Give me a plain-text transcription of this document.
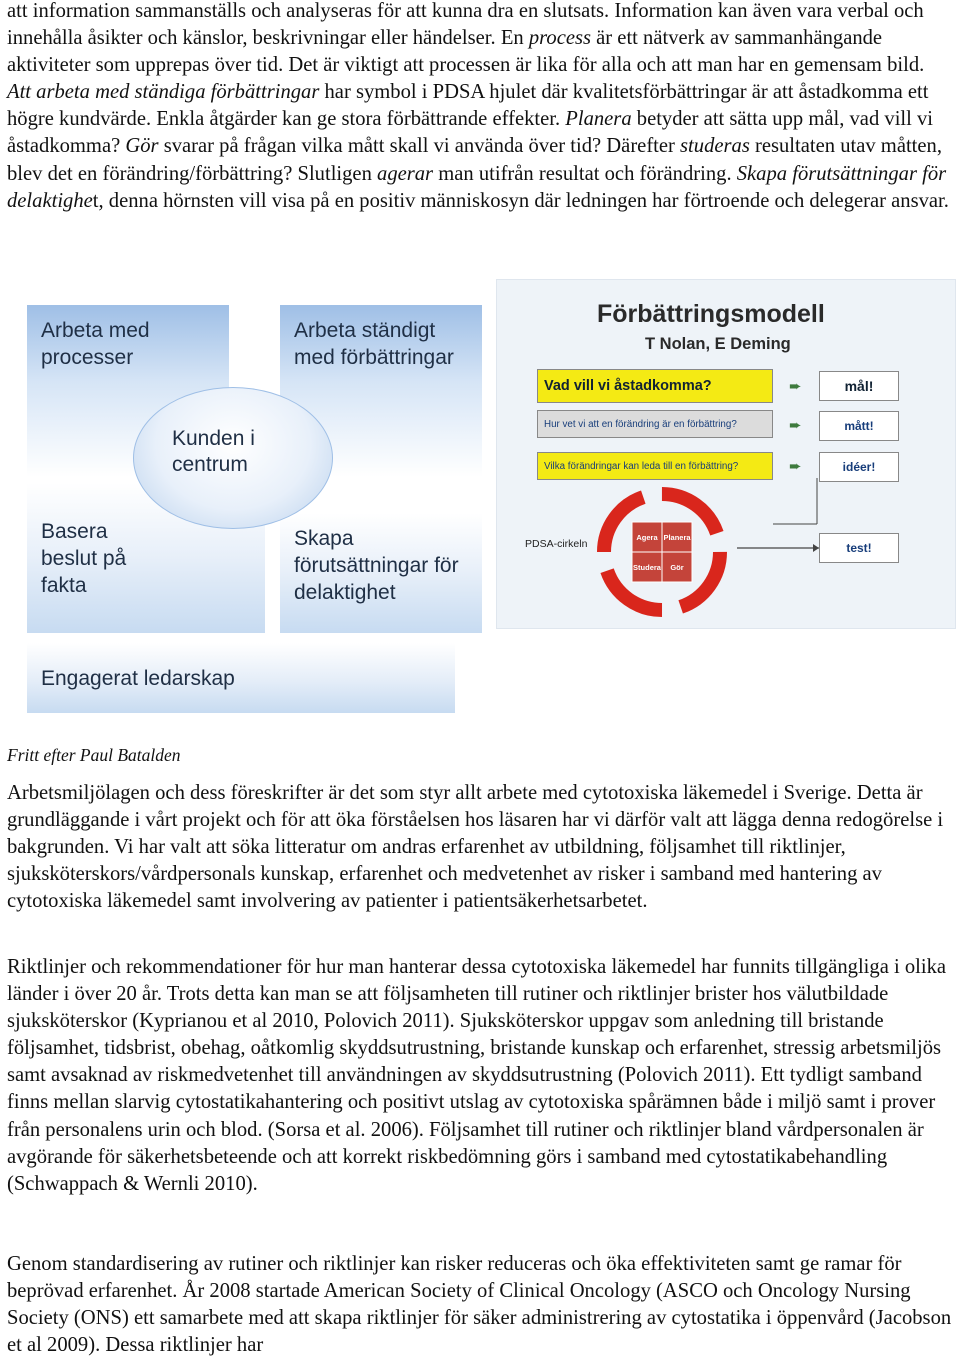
att information sammanställs och analyseras för att kunna dra en slutsats. Information kan även vara verbal och innehålla åsikter och känslor, beskrivningar eller händelser. En process är ett nätverk av sammanhängande aktiviteter som upprepas över tid. Det är viktigt att processen är lika för alla och att man har en gemensam bild. Att arbeta med ständiga förbättringar har symbol i PDSA hjulet där kvalitetsförbättringar är att åstadkomma ett högre kundvärde. Enkla åtgärder kan ge stora förbättrande effekter. Planera betyder att sätta upp mål, vad vill vi åstadkomma? Gör svarar på frågan vilka mått skall vi använda över tid? Därefter studeras resultaten utav måtten, blev det en förändring/förbättring? Slutligen agerar man utifrån resultat och förändring. Skapa förutsättningar för delaktighet, denna hörnsten vill visa på en positiv människosyn där ledningen har förtroende och delegerar ansvar.

Arbeta med processer
Arbeta ständigt med förbättringar
Basera beslut på fakta
Skapa förutsättningar för delaktighet
Kunden i centrum
Engagerat ledarskap

Förbättringsmodell

T Nolan, E Deming

Vad vill vi åstadkomma?
Hur vet vi att en förändring är en förbättring?
Vilka förändringar kan leda till en förbättring?
➨
➨
➨
mål!
mått!
idéer!
test!
PDSA-cirkeln
Agera Planera
Studera Gör

Fritt efter Paul Batalden

Arbetsmiljölagen och dess föreskrifter är det som styr allt arbete med cytotoxiska läkemedel i Sverige. Detta är grundläggande i vårt projekt och för att öka förståelsen hos läsaren har vi därför valt att lägga denna redogörelse i bakgrunden. Vi har valt att söka litteratur om andras erfarenhet av utbildning, följsamhet till riktlinjer, sjuksköterskors/vårdpersonals kunskap, erfarenhet och medvetenhet av risker i samband med hantering av cytotoxiska läkemedel samt involvering av patienter i patientsäkerhetsarbetet.

Riktlinjer och rekommendationer för hur man hanterar dessa cytotoxiska läkemedel har funnits tillgängliga i olika länder i över 20 år. Trots detta kan man se att följsamheten till rutiner och riktlinjer brister hos välutbildade sjuksköterskor (Kyprianou et al 2010, Polovich 2011). Sjuksköterskor uppgav som anledning till bristande följsamhet, tidsbrist, obehag, oåtkomlig skyddsutrustning, bristande kunskap och erfarenhet, stressig arbetsmiljös samt avsaknad av riskmedvetenhet till användningen av skyddsutrustning (Polovich 2011). Ett tydligt samband finns mellan slarvig cytostatikahantering och positivt utslag av cytotoxiska spårämnen både i miljö samt i prover från personalens urin och blod. (Sorsa et al. 2006). Följsamhet till rutiner och riktlinjer bland vårdpersonalen är avgörande för säkerhetsbeteende och att korrekt riskbedömning görs i samband med cytostatikabehandling (Schwappach & Wernli 2010).

Genom standardisering av rutiner och riktlinjer kan risker reduceras och öka effektiviteten samt ge ramar för beprövad erfarenhet. År 2008 startade American Society of Clinical Oncology (ASCO och Oncology Nursing Society (ONS) ett samarbete med att skapa riktlinjer för säker administrering av cytostatika i öppenvård (Jacobson et al 2009). Dessa riktlinjer har
